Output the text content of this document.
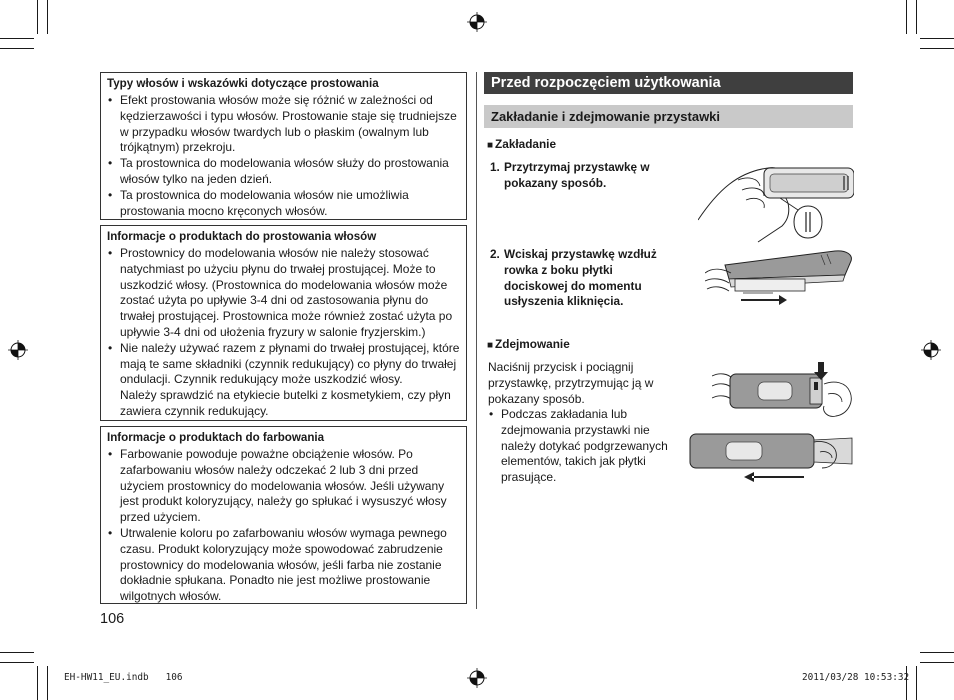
Typy włosów i wskazówki dotyczące prostowania
• Efekt prostowania włosów może się różnić w zależności od
kędzierzawości i typu włosów. Prostowanie staje się trudniejsze
w przypadku włosów twardych lub o płaskim (owalnym lub
trójkątnym) przekroju.
• Ta prostownica do modelowania włosów służy do prostowania
włosów tylko na jeden dzień.
• Ta prostownica do modelowania włosów nie umożliwia
prostowania mocno kręconych włosów.
Informacje o produktach do prostowania włosów
• Prostownicy do modelowania włosów nie należy stosować
natychmiast po użyciu płynu do trwałej prostującej. Może to
uszkodzić włosy. (Prostownica do modelowania włosów może
zostać użyta po upływie 3-4 dni od zastosowania płynu do
trwałej prostującej. Prostownica może również zostać użyta po
upływie 3-4 dni od ułożenia fryzury w salonie fryzjerskim.)
• Nie należy używać razem z płynami do trwałej prostującej, które
mają te same składniki (czynnik redukujący) co płyny do trwałej
ondulacji. Czynnik redukujący może uszkodzić włosy.
Należy sprawdzić na etykiecie butelki z kosmetykiem, czy płyn
zawiera czynnik redukujący.
Informacje o produktach do farbowania
• Farbowanie powoduje poważne obciążenie włosów. Po
zafarbowaniu włosów należy odczekać 2 lub 3 dni przed
użyciem prostownicy do modelowania włosów. Jeśli używany
jest produkt koloryzujący, należy go spłukać i wysuszyć włosy
przed użyciem.
• Utrwalenie koloru po zafarbowaniu włosów wymaga pewnego
czasu. Produkt koloryzujący może spowodować zabrudzenie
prostownicy do modelowania włosów, jeśli farba nie zostanie
dokładnie spłukana. Ponadto nie jest możliwe prostowanie
wilgotnych włosów.
106
Przed rozpoczęciem użytkowania
Zakładanie i zdejmowanie przystawki
■ Zakładanie
1. Przytrzymaj przystawkę w
pokazany sposób.
2. Wciskaj przystawkę wzdłuż
rowka z boku płytki
dociskowej do momentu
usłyszenia kliknięcia.
■ Zdejmowanie
Naciśnij przycisk i pociągnij
przystawkę, przytrzymując ją w
pokazany sposób.
• Podczas zakładania lub
zdejmowania przystawki nie
należy dotykać podgrzewanych
elementów, takich jak płytki
prasujące.
EH-HW11_EU.indb   106	2011/03/28 10:53:32
